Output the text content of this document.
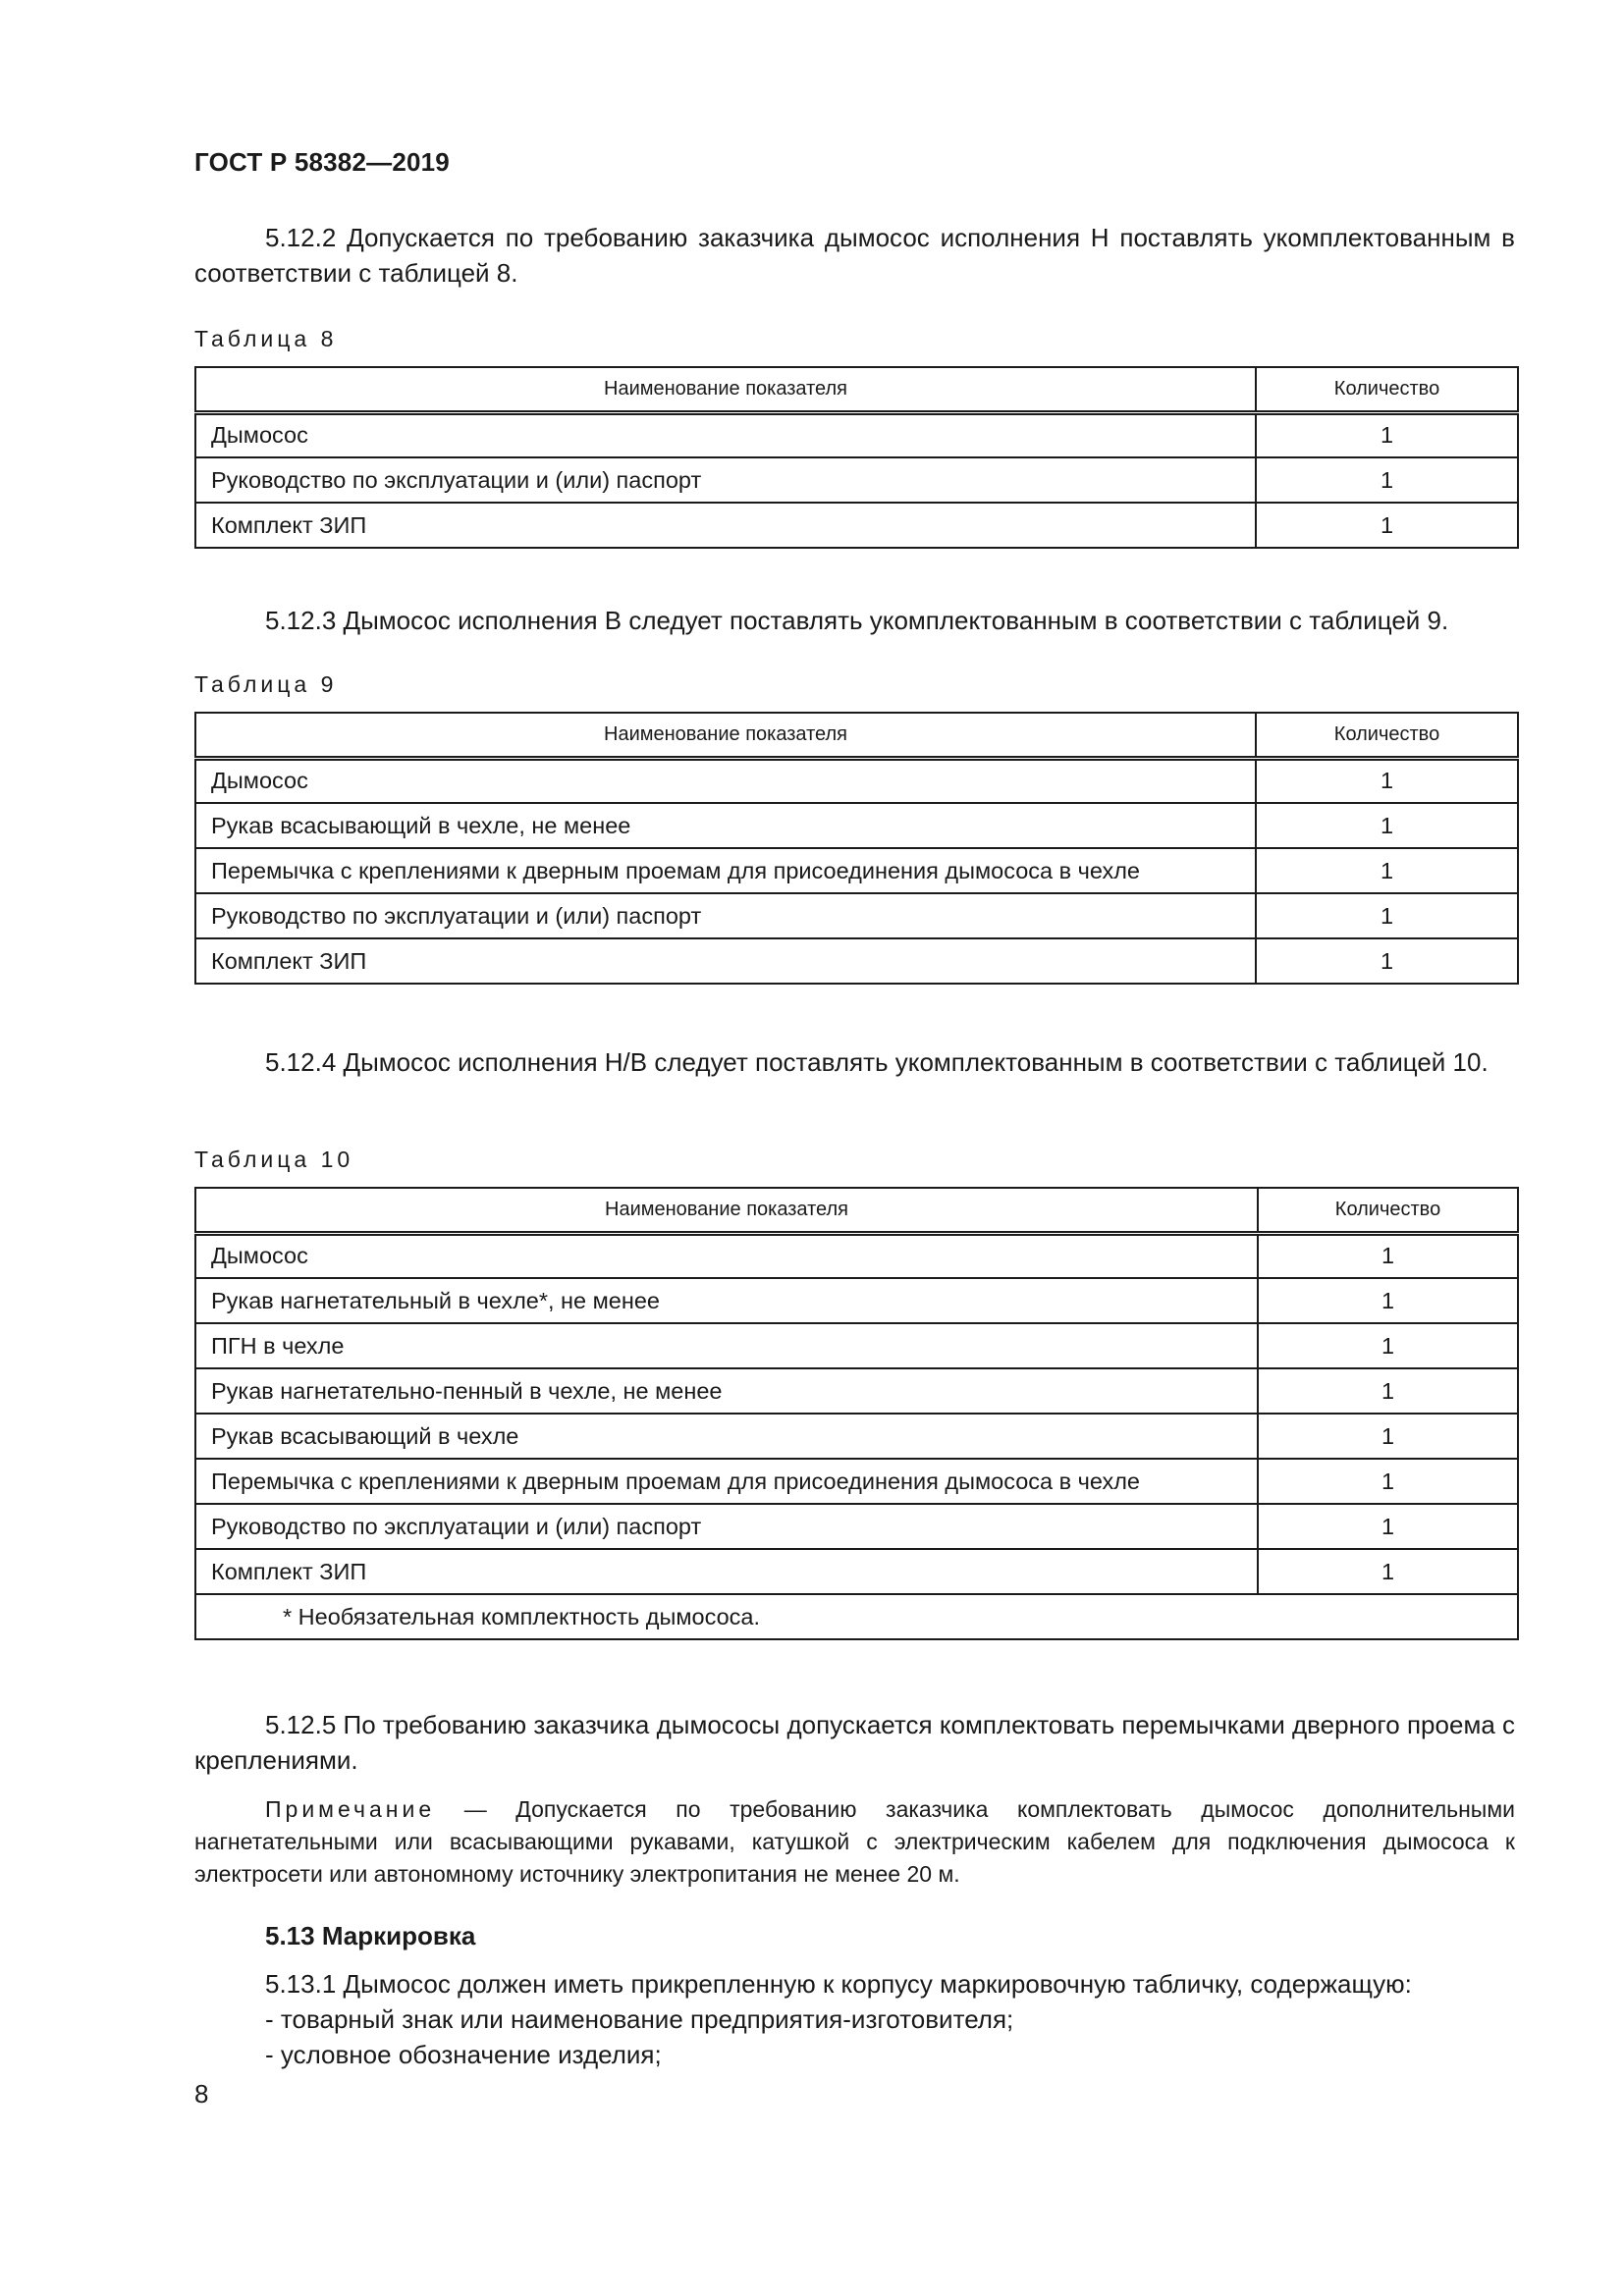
ГОСТ Р 58382—2019
5.12.2 Допускается по требованию заказчика дымосос исполнения Н поставлять укомплектованным в соответствии с таблицей 8.
Таблица 8
Наименование показателя	Количество
Дымосос	1
Руководство по эксплуатации и (или) паспорт	1
Комплект ЗИП	1
5.12.3 Дымосос исполнения В следует поставлять укомплектованным в соответствии с таблицей 9.
Таблица 9
Наименование показателя	Количество
Дымосос	1
Рукав всасывающий в чехле, не менее	1
Перемычка с креплениями к дверным проемам для присоединения дымососа в чехле	1
Руководство по эксплуатации и (или) паспорт	1
Комплект ЗИП	1
5.12.4 Дымосос исполнения Н/В следует поставлять укомплектованным в соответствии с таблицей 10.
Таблица 10
Наименование показателя	Количество
Дымосос	1
Рукав нагнетательный в чехле*, не менее	1
ПГН в чехле	1
Рукав нагнетательно-пенный в чехле, не менее	1
Рукав всасывающий в чехле	1
Перемычка с креплениями к дверным проемам для присоединения дымососа в чехле	1
Руководство по эксплуатации и (или) паспорт	1
Комплект ЗИП	1
* Необязательная комплектность дымососа.	
5.12.5 По требованию заказчика дымососы допускается комплектовать перемычками дверного проема с креплениями.
Примечание — Допускается по требованию заказчика комплектовать дымосос дополнительными нагнетательными или всасывающими рукавами, катушкой с электрическим кабелем для подключения дымососа к электросети или автономному источнику электропитания не менее 20 м.
5.13 Маркировка
5.13.1 Дымосос должен иметь прикрепленную к корпусу маркировочную табличку, содержащую:
- товарный знак или наименование предприятия-изготовителя;
- условное обозначение изделия;
8
